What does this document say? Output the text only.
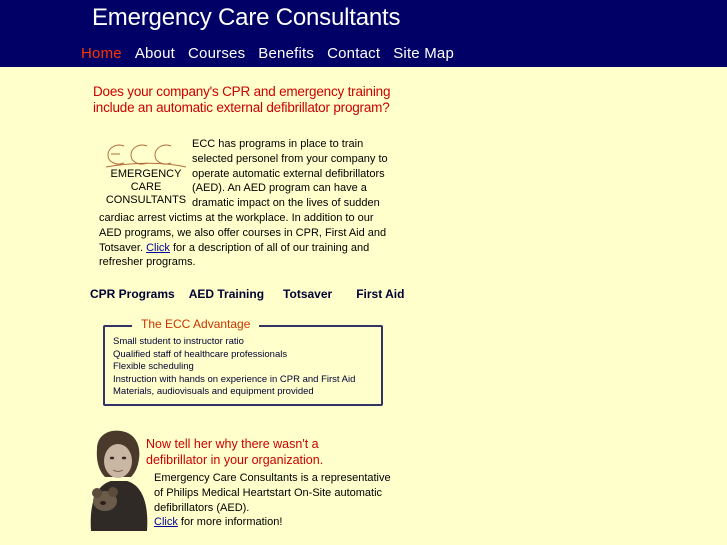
Emergency Care Consultants
Home About Courses Benefits Contact Site Map
Does your company's CPR and emergency training
include an automatic external defibrillator program?
EMERGENCY
CARE
CONSULTANTS
ECC has programs in place to train selected personel from your company to operate automatic external defibrillators (AED). An AED program can have a dramatic impact on the lives of sudden cardiac arrest victims at the workplace. In addition to our AED programs, we also offer courses in CPR, First Aid and Totsaver. Click for a description of all of our training and refresher programs.
CPR Programs AED Training Totsaver First Aid
The ECC Advantage
Small student to instructor ratio
Qualified staff of healthcare professionals
Flexible scheduling
Instruction with hands on experience in CPR and First Aid
Materials, audiovisuals and equipment provided
Now tell her why there wasn't a
defibrillator in your organization.
Emergency Care Consultants is a representative of Philips Medical Heartstart On-Site automatic defibrillators (AED).
Click for more information!
